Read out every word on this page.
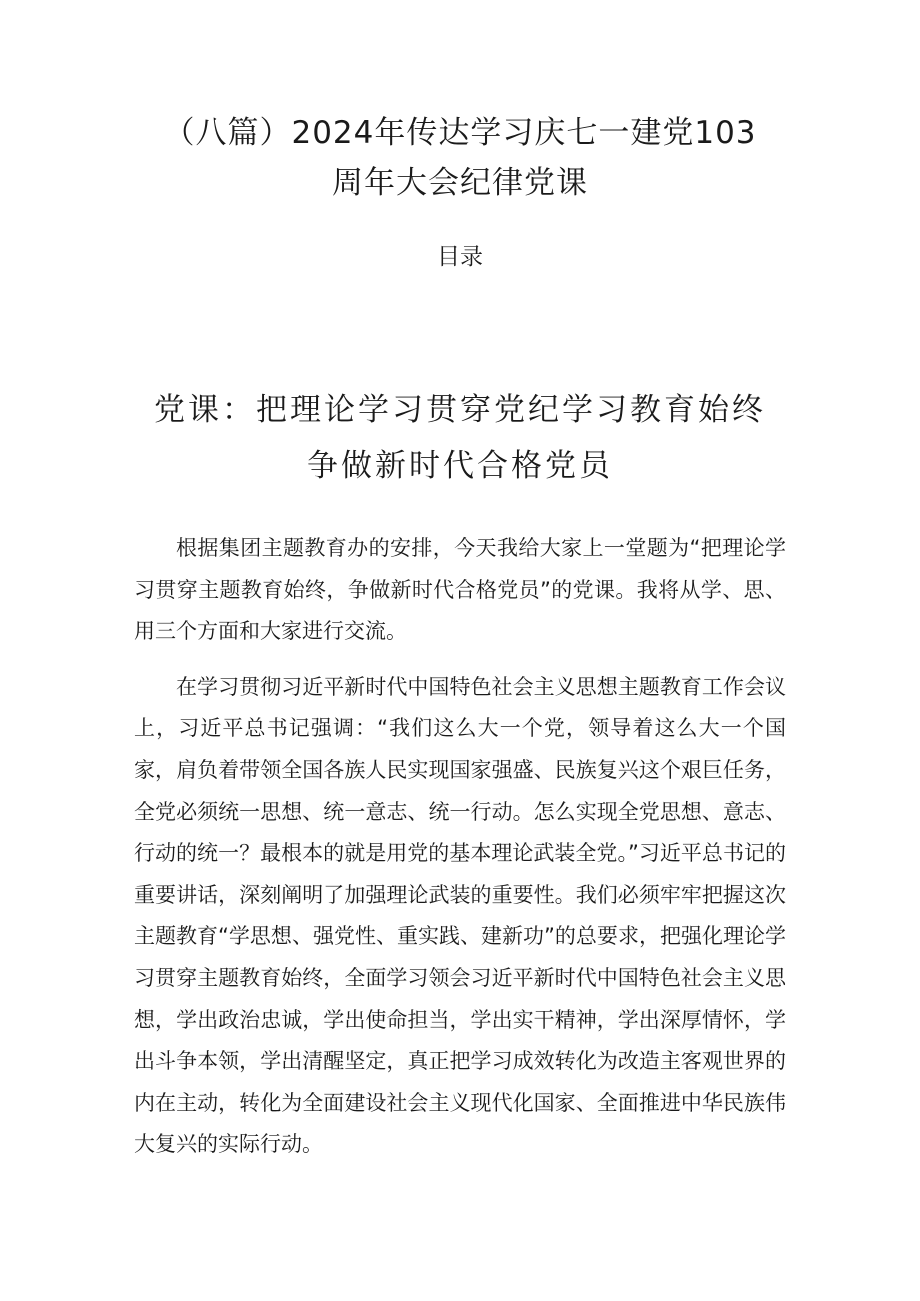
（八篇）2024年传达学习庆七一建党103
周年大会纪律党课
目录
党课：把理论学习贯穿党纪学习教育始终
争做新时代合格党员

根据集团主题教育办的安排，今天我给大家上一堂题为“把理论学习贯穿主题教育始终，争做新时代合格党员”的党课。我将从学、思、用三个方面和大家进行交流。

在学习贯彻习近平新时代中国特色社会主义思想主题教育工作会议上，习近平总书记强调：“我们这么大一个党，领导着这么大一个国家，肩负着带领全国各族人民实现国家强盛、民族复兴这个艰巨任务，全党必须统一思想、统一意志、统一行动。怎么实现全党思想、意志、行动的统一？最根本的就是用党的基本理论武装全党。”习近平总书记的重要讲话，深刻阐明了加强理论武装的重要性。我们必须牢牢把握这次主题教育“学思想、强党性、重实践、建新功”的总要求，把强化理论学习贯穿主题教育始终，全面学习领会习近平新时代中国特色社会主义思想，学出政治忠诚，学出使命担当，学出实干精神，学出深厚情怀，学出斗争本领，学出清醒坚定，真正把学习成效转化为改造主客观世界的内在主动，转化为全面建设社会主义现代化国家、全面推进中华民族伟大复兴的实际行动。
